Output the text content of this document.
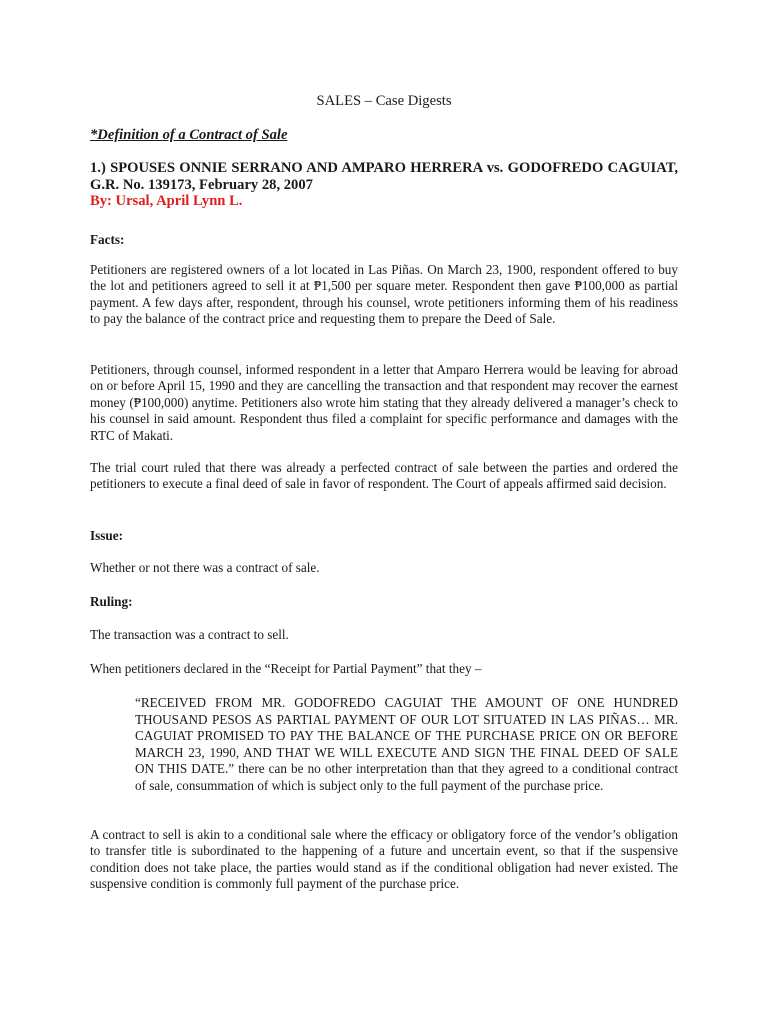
SALES – Case Digests
*Definition of a Contract of Sale
1.) SPOUSES ONNIE SERRANO AND AMPARO HERRERA vs. GODOFREDO CAGUIAT, G.R. No. 139173, February 28, 2007
By: Ursal, April Lynn L.

Facts:

Petitioners are registered owners of a lot located in Las Piñas. On March 23, 1900, respondent offered to buy the lot and petitioners agreed to sell it at ₱1,500 per square meter. Respondent then gave ₱100,000 as partial payment. A few days after, respondent, through his counsel, wrote petitioners informing them of his readiness to pay the balance of the contract price and requesting them to prepare the Deed of Sale.

Petitioners, through counsel, informed respondent in a letter that Amparo Herrera would be leaving for abroad on or before April 15, 1990 and they are cancelling the transaction and that respondent may recover the earnest money (₱100,000) anytime. Petitioners also wrote him stating that they already delivered a manager’s check to his counsel in said amount. Respondent thus filed a complaint for specific performance and damages with the RTC of Makati.

The trial court ruled that there was already a perfected contract of sale between the parties and ordered the petitioners to execute a final deed of sale in favor of respondent. The Court of appeals affirmed said decision.

Issue:

Whether or not there was a contract of sale.

Ruling:

The transaction was a contract to sell.

When petitioners declared in the “Receipt for Partial Payment” that they –

“RECEIVED FROM MR. GODOFREDO CAGUIAT THE AMOUNT OF ONE HUNDRED THOUSAND PESOS AS PARTIAL PAYMENT OF OUR LOT SITUATED IN LAS PIÑAS… MR. CAGUIAT PROMISED TO PAY THE BALANCE OF THE PURCHASE PRICE ON OR BEFORE MARCH 23, 1990, AND THAT WE WILL EXECUTE AND SIGN THE FINAL DEED OF SALE ON THIS DATE.” there can be no other interpretation than that they agreed to a conditional contract of sale, consummation of which is subject only to the full payment of the purchase price.

A contract to sell is akin to a conditional sale where the efficacy or obligatory force of the vendor’s obligation to transfer title is subordinated to the happening of a future and uncertain event, so that if the suspensive condition does not take place, the parties would stand as if the conditional obligation had never existed. The suspensive condition is commonly full payment of the purchase price.
